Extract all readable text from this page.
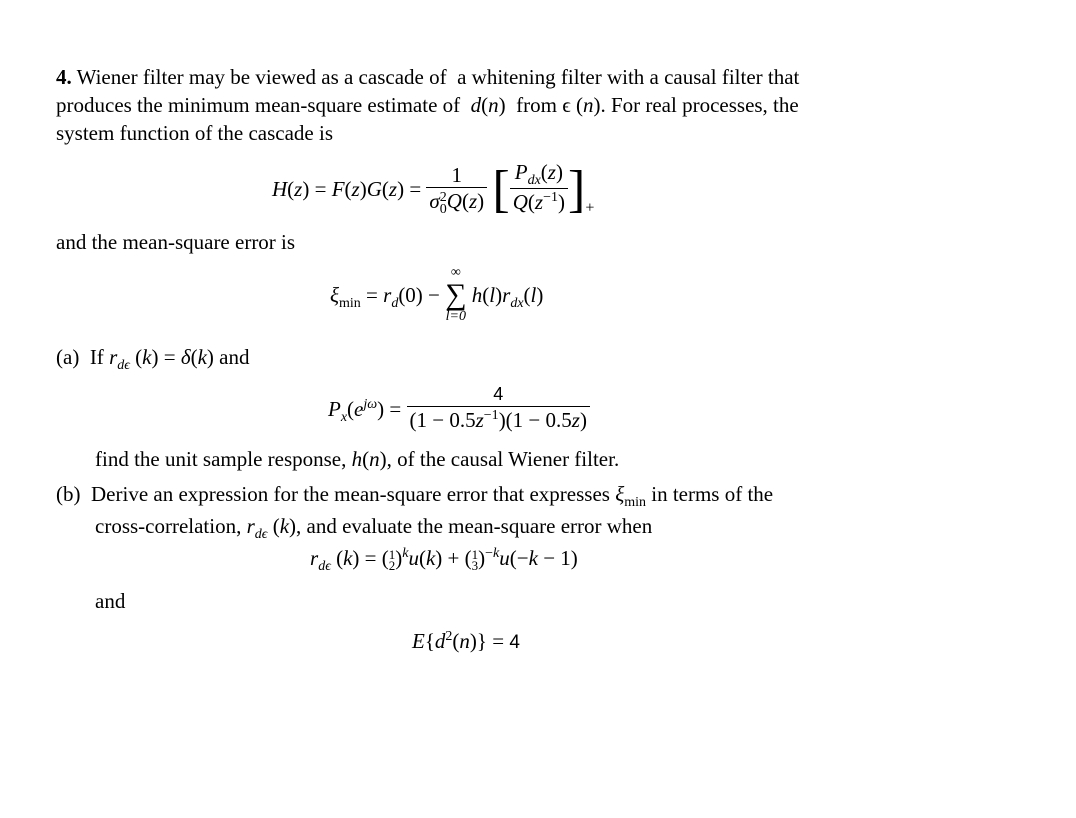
4. Wiener filter may be viewed as a cascade of  a whitening filter with a causal filter that
produces the minimum mean-square estimate of  d(n)  from ϵ (n). For real processes, the
system function of the cascade is
H(z) = F(z)G(z) =
1
σ2
0Q(z) [ $\frac{P_{dx}(z)}{Q(z^{-1})} ]_+$
and the mean-square error is
$\xi_{min} = r_d(0)$ −
∞
∑
l=0
$h(l)r_{dx}(l)$
(a)  If $r_{d\epsilon}$ (k) = δ(k) and
$P_x(e^{j\omega}) = \frac{4}{(1 - 0.5z^{-1})(1 - 0.5z)}$
find the unit sample response, h(n), of the causal Wiener filter.
(b)  Derive an expression for the mean-square error that expresses $\xi_{min}$ in terms of the
cross-correlation, $r_{d\epsilon}$ (k), and evaluate the mean-square error when
$r_{d\epsilon}$ (k) = (1
2)$^k$u(k) + (1
3)$^{-k}$u(−k − 1)
and
$E\{d^2(n)\} = 4$
